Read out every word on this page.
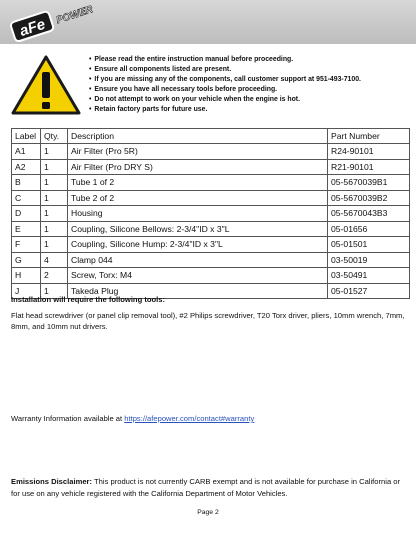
aFe
POWER
• Please read the entire instruction manual before proceeding.
• Ensure all components listed are present.
• If you are missing any of the components, call customer support at 951-493-7100.
• Ensure you have all necessary tools before proceeding.
• Do not attempt to work on your vehicle when the engine is hot.
• Retain factory parts for future use.
Label	Qty.	Description	Part Number
A1	1	Air Filter (Pro 5R)	R24-90101
A2	1	Air Filter (Pro DRY S)	R21-90101
B	1	Tube 1 of 2	05-5670039B1
C	1	Tube 2 of 2	05-5670039B2
D	1	Housing	05-5670043B3
E	1	Coupling, Silicone Bellows: 2-3/4"ID x 3"L	05-01656
F	1	Coupling, Silicone Hump: 2-3/4"ID x 3"L	05-01501
G	4	Clamp 044	03-50019
H	2	Screw, Torx: M4	03-50491
J	1	Takeda Plug	05-01527
Installation will require the following tools:
Flat head screwdriver (or panel clip removal tool), #2 Philips screwdriver, T20 Torx driver, pliers, 10mm wrench, 7mm, 8mm, and 10mm nut drivers.
Warranty Information available at https://afepower.com/contact#warranty
Emissions Disclaimer: This product is not currently CARB exempt and is not available for purchase in California or for use on any vehicle registered with the California Department of Motor Vehicles.
Page 2
